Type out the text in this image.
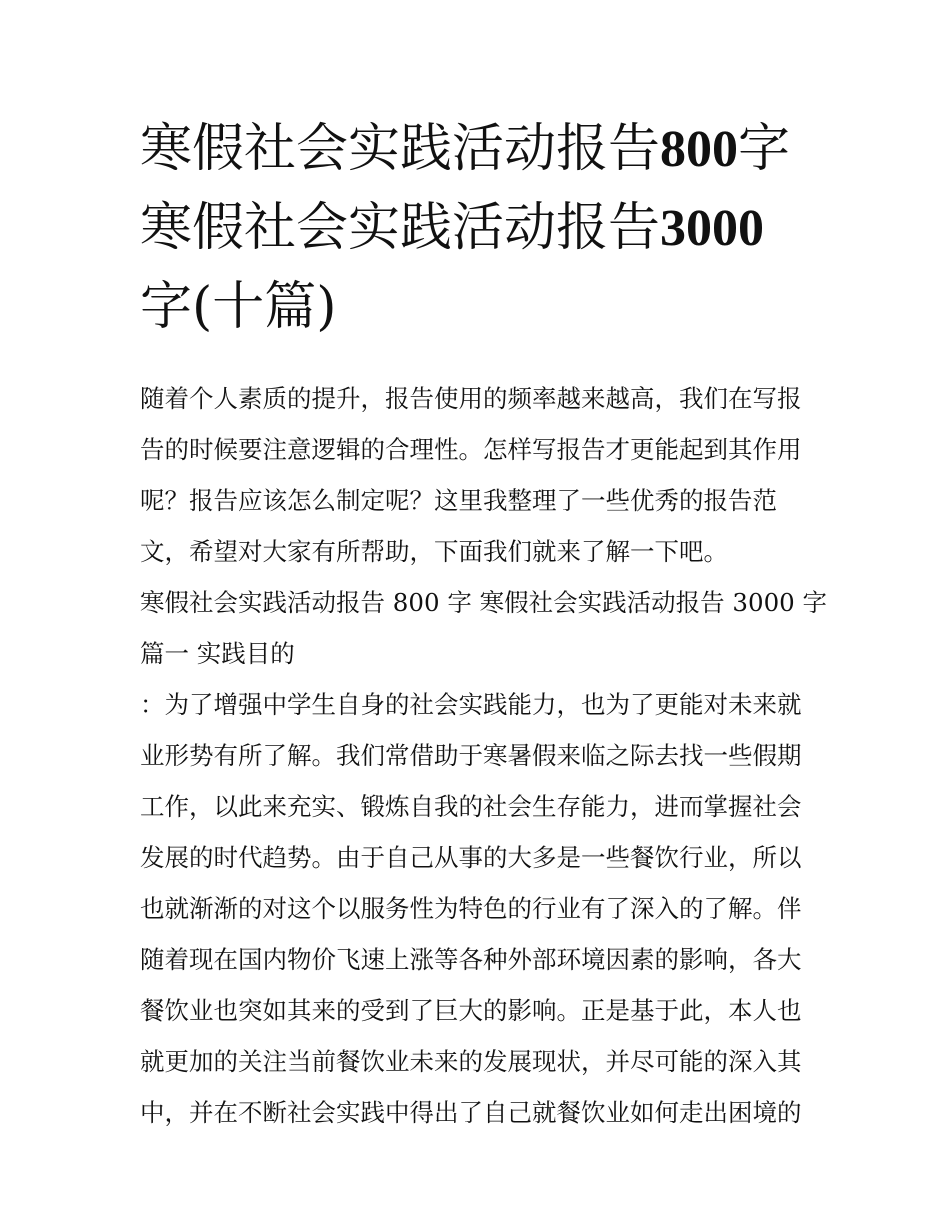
寒假社会实践活动报告800字
寒假社会实践活动报告3000
字(十篇)

随着个人素质的提升，报告使用的频率越来越高，我们在写报
告的时候要注意逻辑的合理性。怎样写报告才更能起到其作用
呢？报告应该怎么制定呢？这里我整理了一些优秀的报告范
文，希望对大家有所帮助，下面我们就来了解一下吧。

寒假社会实践活动报告 800 字 寒假社会实践活动报告 3000 字

篇一 实践目的

：为了增强中学生自身的社会实践能力，也为了更能对未来就
业形势有所了解。我们常借助于寒暑假来临之际去找一些假期
工作，以此来充实、锻炼自我的社会生存能力，进而掌握社会
发展的时代趋势。由于自己从事的大多是一些餐饮行业，所以
也就渐渐的对这个以服务性为特色的行业有了深入的了解。伴
随着现在国内物价飞速上涨等各种外部环境因素的影响，各大
餐饮业也突如其来的受到了巨大的影响。正是基于此，本人也
就更加的关注当前餐饮业未来的发展现状，并尽可能的深入其
中，并在不断社会实践中得出了自己就餐饮业如何走出困境的
